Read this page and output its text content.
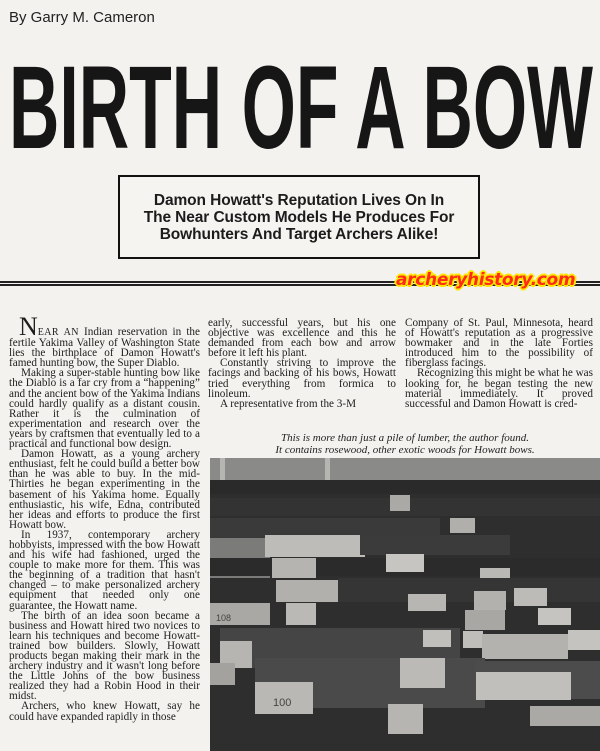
By Garry M. Cameron
BIRTH OF A BOW
Damon Howatt's Reputation Lives On In
The Near Custom Models He Produces For
Bowhunters And Target Archers Alike!
archeryhistory.com

NEAR AN Indian reservation in the fertile Yakima Valley of Washington State lies the birthplace of Damon Howatt's famed hunting bow, the Super Diablo.

Making a super-stable hunting bow like the Diablo is a far cry from a “happening” and the ancient bow of the Yakima Indians could hardly qualify as a distant cousin. Rather it is the culmination of experimentation and research over the years by craftsmen that eventually led to a practical and functional bow design.

Damon Howatt, as a young archery enthusiast, felt he could build a better bow than he was able to buy. In the mid-Thirties he began experimenting in the basement of his Yakima home. Equally enthusiastic, his wife, Edna, contributed her ideas and efforts to produce the first Howatt bow.

In 1937, contemporary archery hobbyists, impressed with the bow Howatt and his wife had fashioned, urged the couple to make more for them. This was the beginning of a tradition that hasn't changed – to make personalized archery equipment that needed only one guarantee, the Howatt name.

The birth of an idea soon became a business and Howatt hired two novices to learn his techniques and become Howatt-trained bow builders. Slowly, Howatt products began making their mark in the archery industry and it wasn't long before the Little Johns of the bow business realized they had a Robin Hood in their midst.

Archers, who knew Howatt, say he could have expanded rapidly in those

early, successful years, but his one objective was excellence and this he demanded from each bow and arrow before it left his plant.

Constantly striving to improve the facings and backing of his bows, Howatt tried everything from formica to linoleum.

A representative from the 3-M

Company of St. Paul, Minnesota, heard of Howatt's reputation as a progressive bowmaker and in the late Forties introduced him to the possibility of fiberglass facings.

Recognizing this might be what he was looking for, he began testing the new material immediately. It proved successful and Damon Howatt is cred-

This is more than just a pile of lumber, the author found.
It contains rosewood, other exotic woods for Howatt bows.
108
100
